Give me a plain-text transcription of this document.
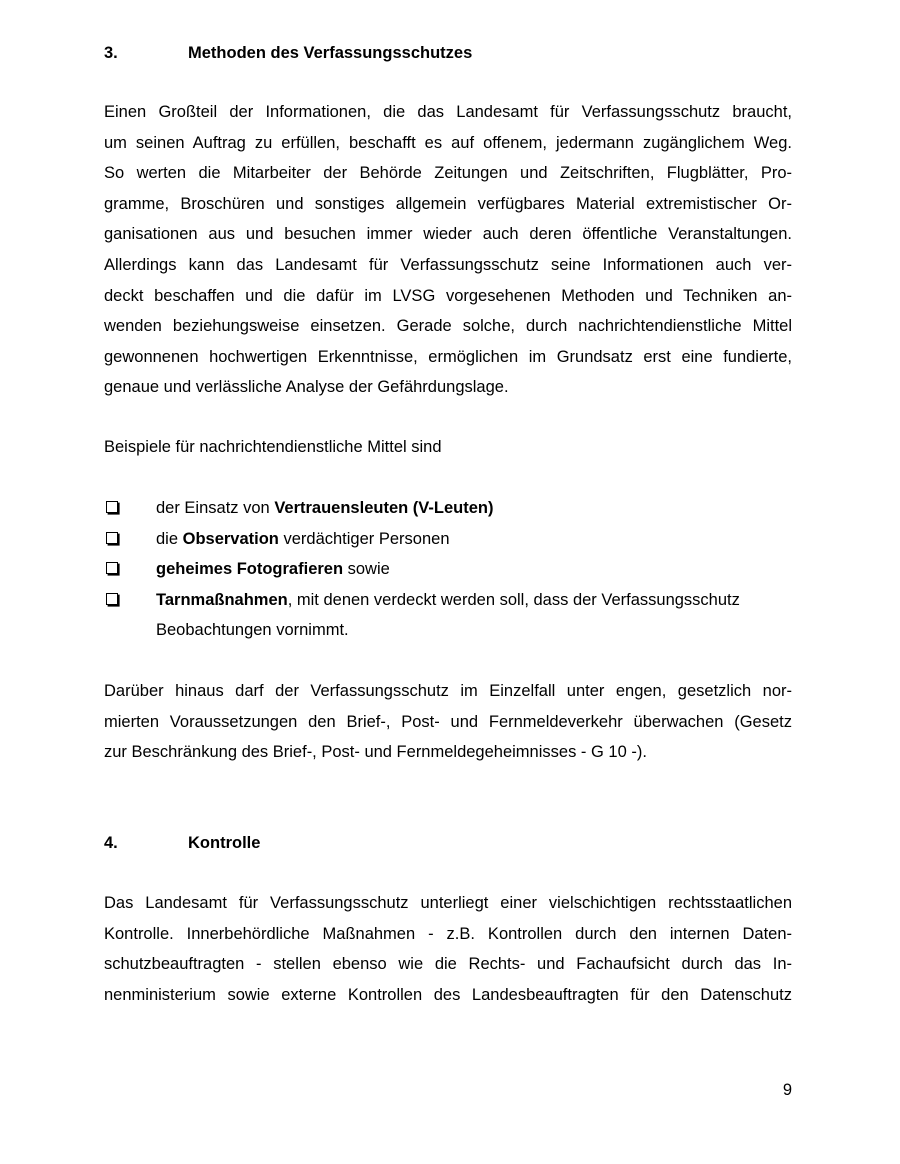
3.	Methoden des Verfassungsschutzes
Einen Großteil der Informationen, die das Landesamt für Verfassungsschutz braucht,
um seinen Auftrag zu erfüllen, beschafft es auf offenem, jedermann zugänglichem Weg.
So werten die Mitarbeiter der Behörde Zeitungen und Zeitschriften, Flugblätter, Pro-
gramme, Broschüren und sonstiges allgemein verfügbares Material extremistischer Or-
ganisationen aus und besuchen immer wieder auch deren öffentliche Veranstaltungen.
Allerdings kann das Landesamt für Verfassungsschutz seine Informationen auch ver-
deckt beschaffen und die dafür im LVSG vorgesehenen Methoden und Techniken an-
wenden beziehungsweise einsetzen. Gerade solche, durch nachrichtendienstliche Mittel
gewonnenen hochwertigen Erkenntnisse, ermöglichen im Grundsatz erst eine fundierte,
genaue und verlässliche Analyse der Gefährdungslage.
Beispiele für nachrichtendienstliche Mittel sind
der Einsatz von Vertrauensleuten (V-Leuten)
die Observation verdächtiger Personen
geheimes Fotografieren sowie
Tarnmaßnahmen, mit denen verdeckt werden soll, dass der Verfassungsschutz Beobachtungen vornimmt.
Darüber hinaus darf der Verfassungsschutz im Einzelfall unter engen, gesetzlich nor-
mierten Voraussetzungen den Brief-, Post- und Fernmeldeverkehr überwachen (Gesetz
zur Beschränkung des Brief-, Post- und Fernmeldegeheimnisses - G 10 -).
4.	Kontrolle
Das Landesamt für Verfassungsschutz unterliegt einer vielschichtigen rechtsstaatlichen
Kontrolle. Innerbehördliche Maßnahmen - z.B. Kontrollen durch den internen Daten-
schutzbeauftragten - stellen ebenso wie die Rechts- und Fachaufsicht durch das In-
nenministerium sowie externe Kontrollen des Landesbeauftragten für den Datenschutz
9
